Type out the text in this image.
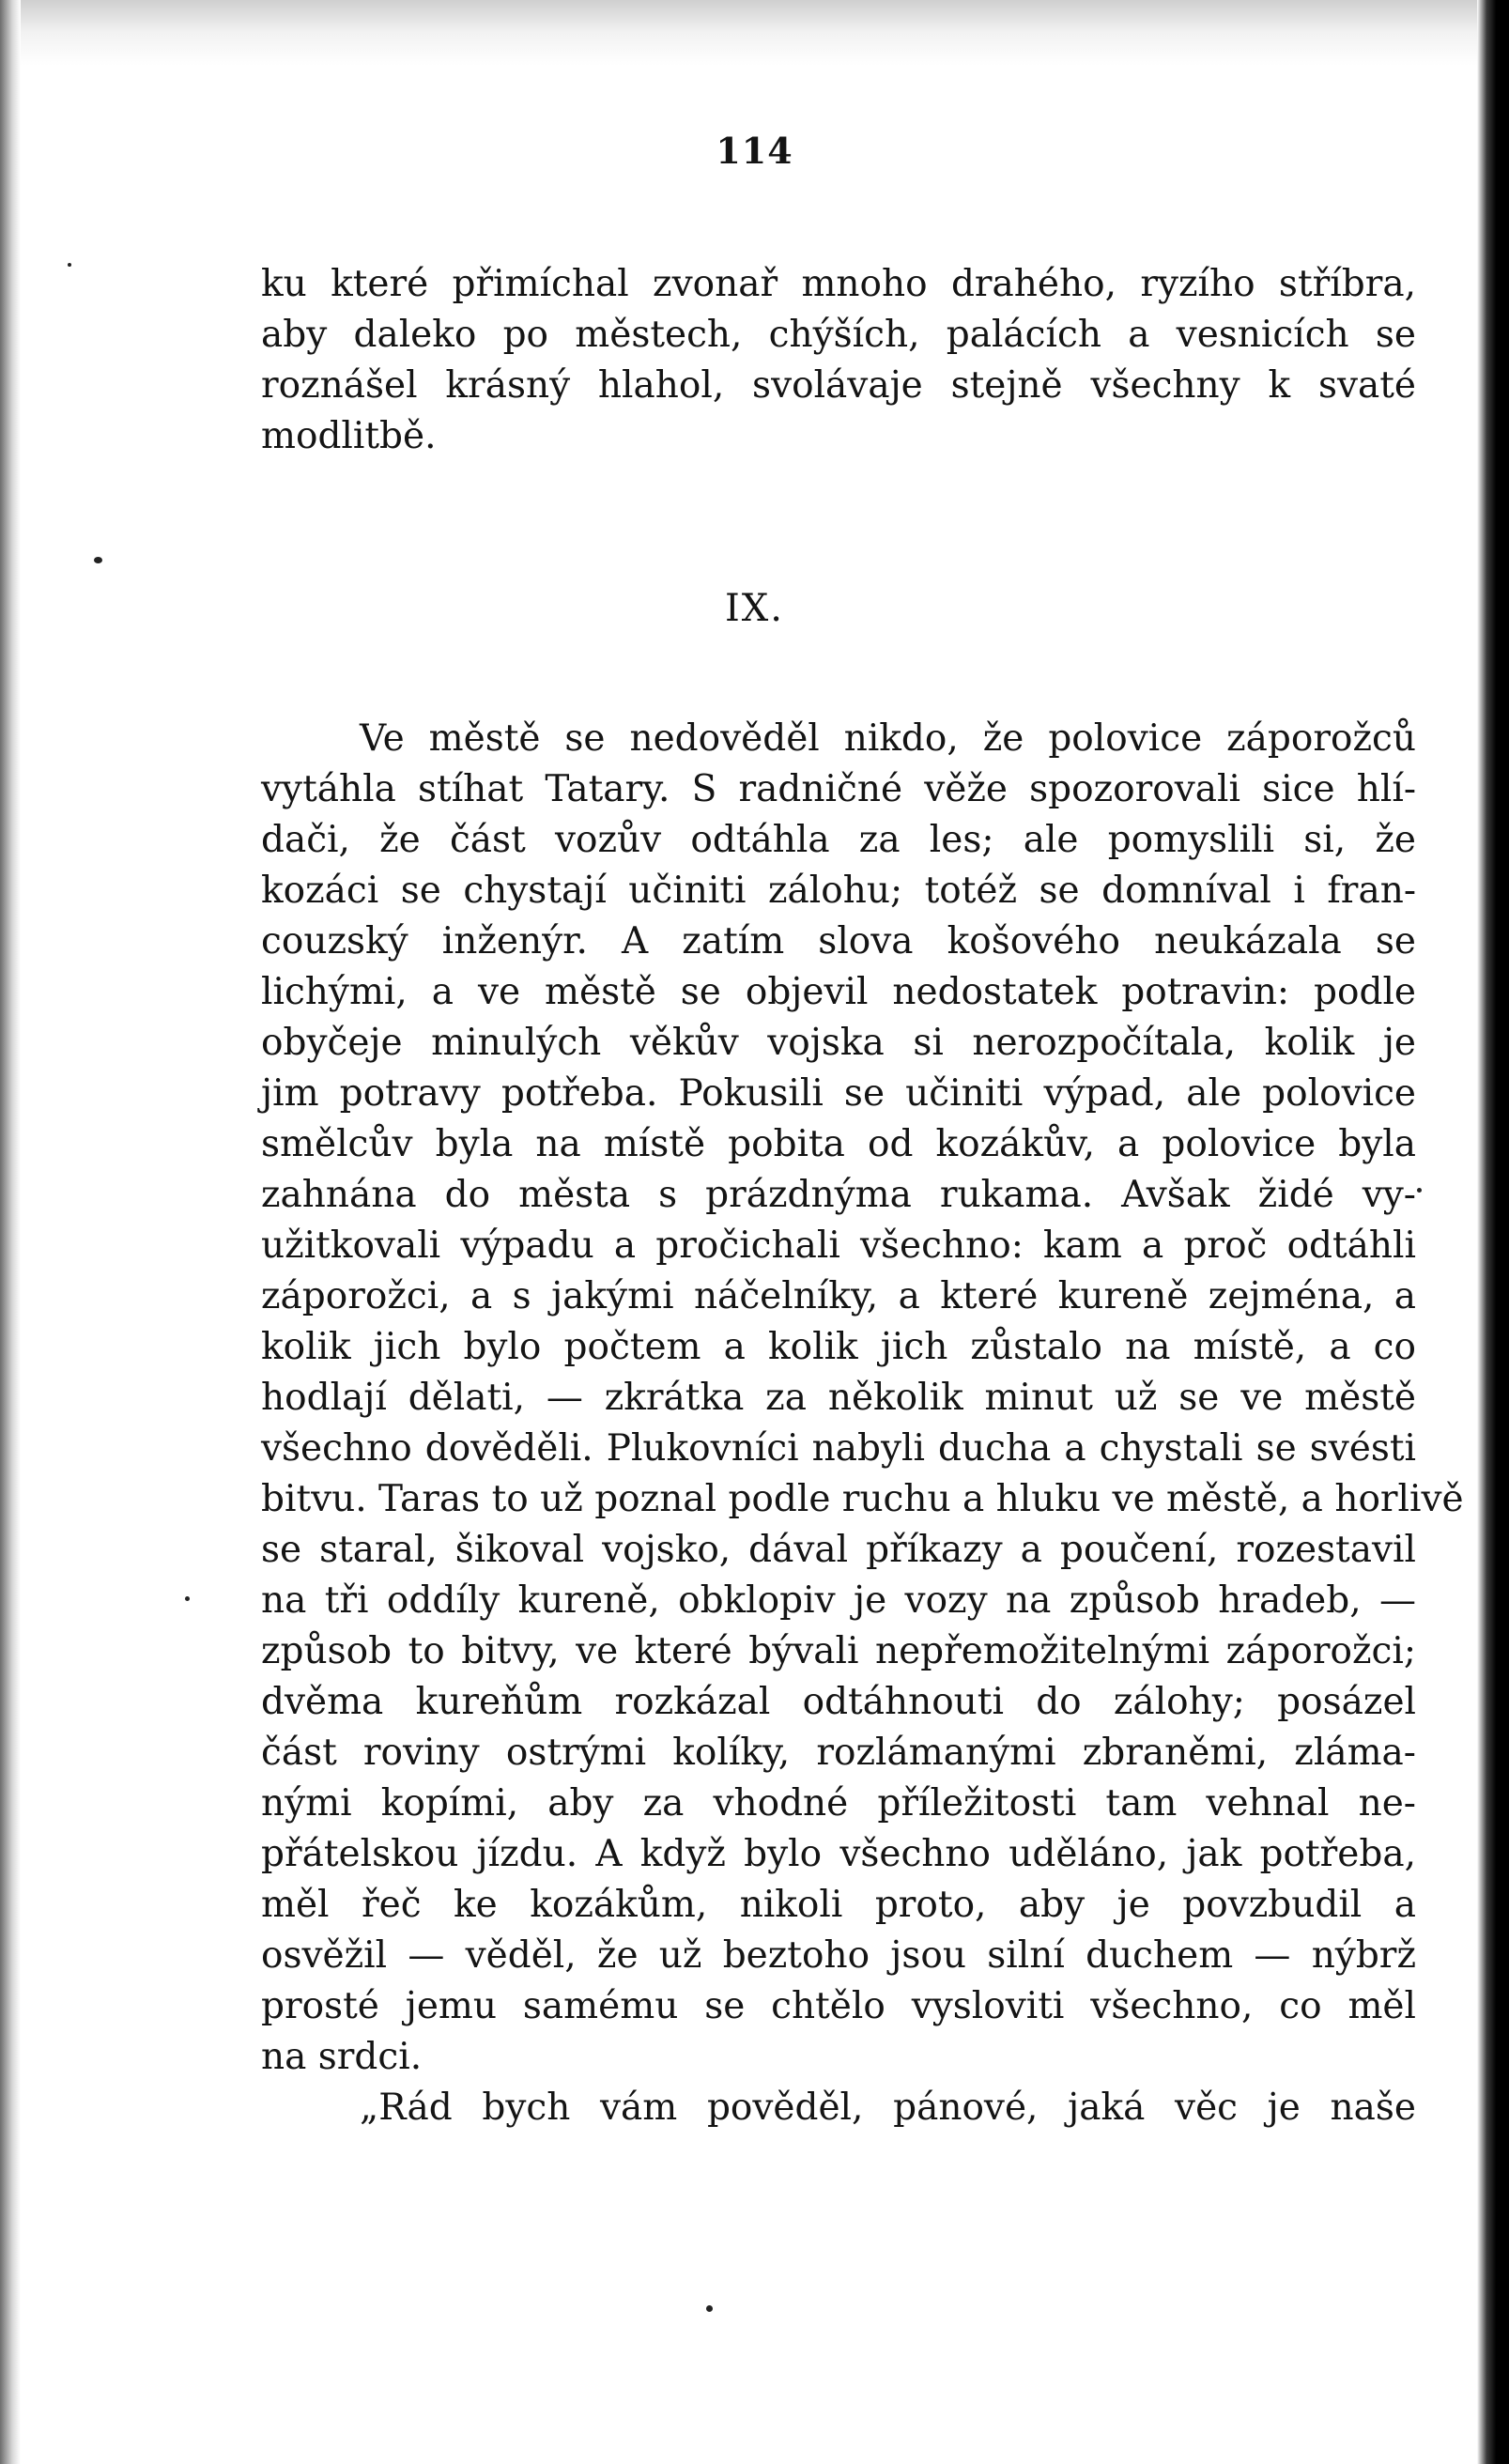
114
ku které přimíchal zvonař mnoho drahého, ryzího stříbra,
aby daleko po městech, chýších, palácích a vesnicích se
roznášel krásný hlahol, svolávaje stejně všechny k svaté
modlitbě.
IX.
Ve městě se nedověděl nikdo, že polovice záporožců
vytáhla stíhat Tatary. S radničné věže spozorovali sice hlí-
dači, že část vozův odtáhla za les; ale pomyslili si, že
kozáci se chystají učiniti zálohu; totéž se domníval i fran-
couzský inženýr. A zatím slova košového neukázala se
lichými, a ve městě se objevil nedostatek potravin: podle
obyčeje minulých věkův vojska si nerozpočítala, kolik je
jim potravy potřeba. Pokusili se učiniti výpad, ale polovice
smělcův byla na místě pobita od kozákův, a polovice byla
zahnána do města s prázdnýma rukama. Avšak židé vy-
užitkovali výpadu a pročichali všechno: kam a proč odtáhli
záporožci, a s jakými náčelníky, a které kureně zejména, a
kolik jich bylo počtem a kolik jich zůstalo na místě, a co
hodlají dělati, — zkrátka za několik minut už se ve městě
všechno dověděli. Plukovníci nabyli ducha a chystali se svésti
bitvu. Taras to už poznal podle ruchu a hluku ve městě, a horlivě
se staral, šikoval vojsko, dával příkazy a poučení, rozestavil
na tři oddíly kureně, obklopiv je vozy na způsob hradeb, —
způsob to bitvy, ve které bývali nepřemožitelnými záporožci;
dvěma kureňům rozkázal odtáhnouti do zálohy; posázel
část roviny ostrými kolíky, rozlámanými zbraněmi, zláma-
nými kopími, aby za vhodné příležitosti tam vehnal ne-
přátelskou jízdu. A když bylo všechno uděláno, jak potřeba,
měl řeč ke kozákům, nikoli proto, aby je povzbudil a
osvěžil — věděl, že už beztoho jsou silní duchem — nýbrž
prosté jemu samému se chtělo vysloviti všechno, co měl
na srdci.
„Rád bych vám pověděl, pánové, jaká věc je naše
